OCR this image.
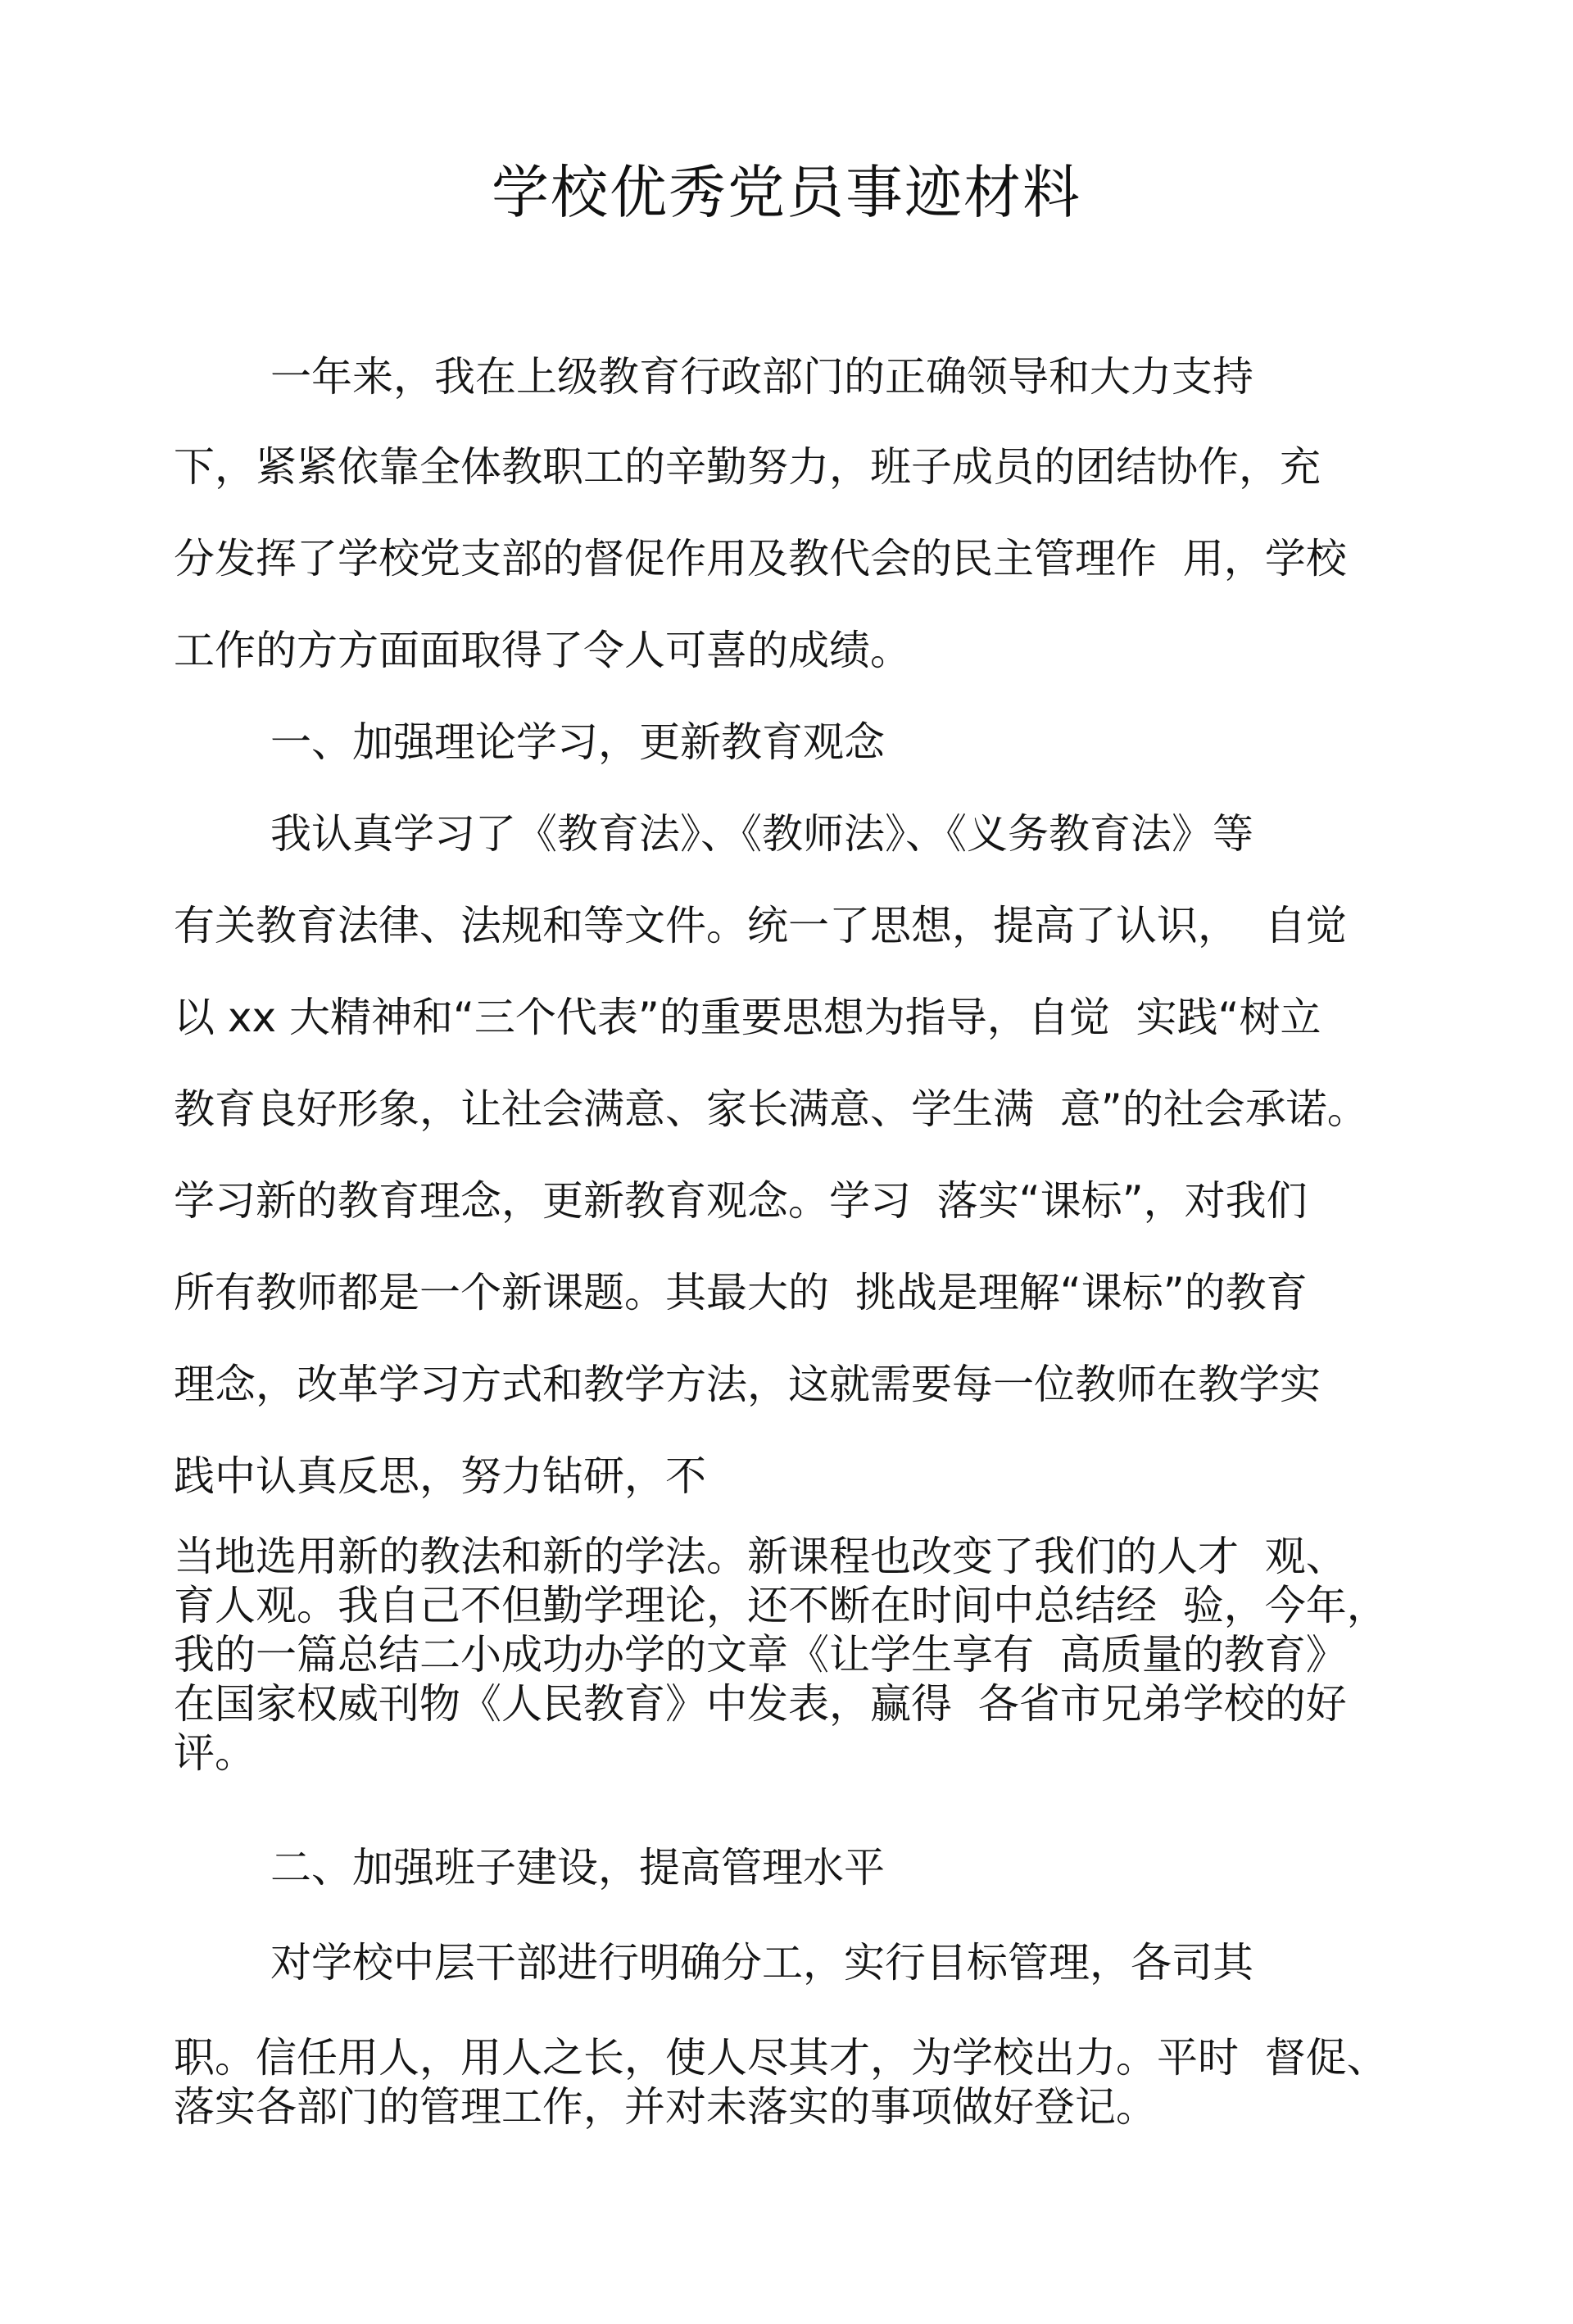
学校优秀党员事迹材料
一年来，我在上级教育行政部门的正确领导和大力支持
下，紧紧依靠全体教职工的辛勤努力，班子成员的团结协作，充
分发挥了学校党支部的督促作用及教代会的民主管理作  用，学校
工作的方方面面取得了令人可喜的成绩。
一、加强理论学习，更新教育观念
我认真学习了《教育法》、《教师法》、《义务教育法》等
有关教育法律、法规和等文件。统一了思想，提高了认识，  自觉
以 xx 大精神和“三个代表”的重要思想为指导，自觉  实践“树立
教育良好形象，让社会满意、家长满意、学生满  意”的社会承诺。
学习新的教育理念，更新教育观念。学习  落实“课标”，对我们
所有教师都是一个新课题。其最大的  挑战是理解“课标”的教育
理念，改革学习方式和教学方法，这就需要每一位教师在教学实
践中认真反思，努力钻研，不
当地选用新的教法和新的学法。新课程也改变了我们的人才  观、
育人观。我自己不但勤学理论，还不断在时间中总结经  验，今年，
我的一篇总结二小成功办学的文章《让学生享有  高质量的教育》
在国家权威刊物《人民教育》中发表，赢得  各省市兄弟学校的好
评。
二、加强班子建设，提高管理水平
对学校中层干部进行明确分工，实行目标管理，各司其
职。信任用人，用人之长，使人尽其才，为学校出力。平时  督促、
落实各部门的管理工作，并对未落实的事项做好登记。
